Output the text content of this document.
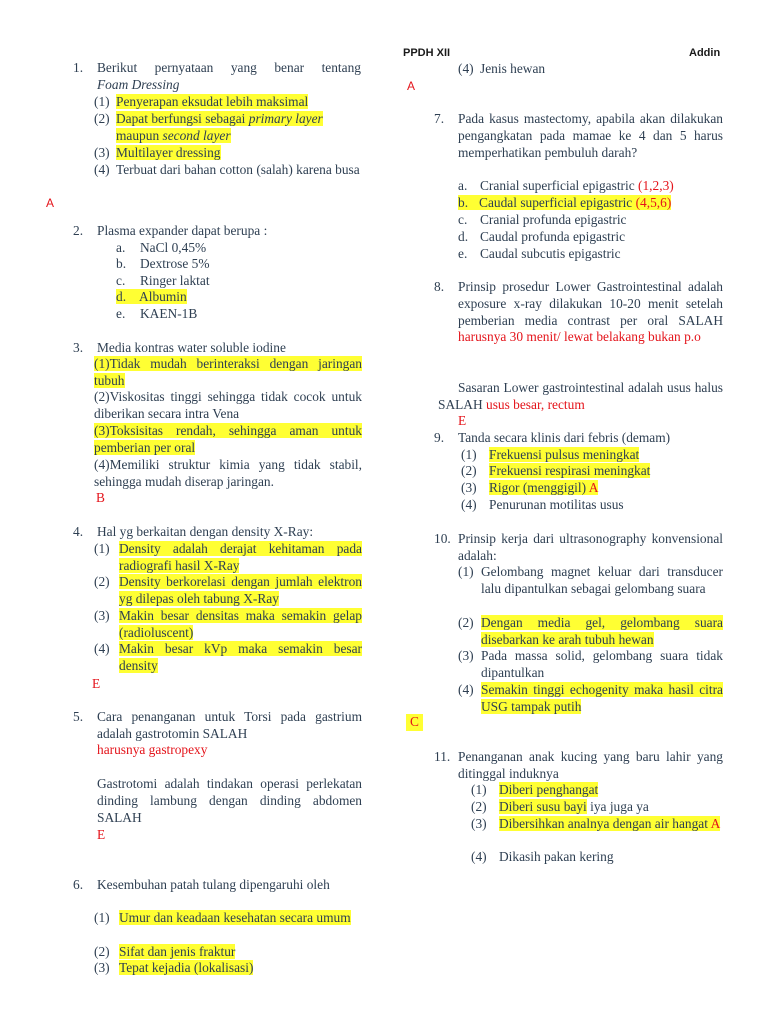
PPDH XII	Addin
1. Berikut pernyataan yang benar tentang
Foam Dressing
(1) Penyerapan eksudat lebih maksimal
(2) Dapat berfungsi sebagai primary layer
maupun second layer
(3) Multilayer dressing
(4) Terbuat dari bahan cotton (salah) karena busa
A
2. Plasma expander dapat berupa :
a. NaCl 0,45%
b. Dextrose 5%
c. Ringer laktat
d. Albumin
e. KAEN-1B
3. Media kontras water soluble iodine
(1)Tidak mudah berinteraksi dengan jaringan tubuh
(2)Viskositas tinggi sehingga tidak cocok untuk diberikan secara intra Vena
(3)Toksisitas rendah, sehingga aman untuk pemberian per oral
(4)Memiliki struktur kimia yang tidak stabil, sehingga mudah diserap jaringan.
B
4. Hal yg berkaitan dengan density X-Ray:
(1) Density adalah derajat kehitaman pada radiografi hasil X-Ray
(2) Density berkorelasi dengan jumlah elektron yg dilepas oleh tabung X-Ray
(3) Makin besar densitas maka semakin gelap (radioluscent)
(4) Makin besar kVp maka semakin besar density
E
5. Cara penanganan untuk Torsi pada gastrium adalah gastrotomin SALAH
harusnya gastropexy
Gastrotomi adalah tindakan operasi perlekatan dinding lambung dengan dinding abdomen SALAH
E
6. Kesembuhan patah tulang dipengaruhi oleh
(1) Umur dan keadaan kesehatan secara umum
(2) Sifat dan jenis fraktur
(3) Tepat kejadia (lokalisasi)
(4) Jenis hewan
A
7. Pada kasus mastectomy, apabila akan dilakukan pengangkatan pada mamae ke 4 dan 5 harus memperhatikan pembuluh darah?
a. Cranial superficial epigastric (1,2,3)
b. Caudal superficial epigastric (4,5,6)
c. Cranial profunda epigastric
d. Caudal profunda epigastric
e. Caudal subcutis epigastric
8. Prinsip prosedur Lower Gastrointestinal adalah exposure x-ray dilakukan 10-20 menit setelah pemberian media contrast per oral SALAH harusnya 30 menit/ lewat belakang bukan p.o
Sasaran Lower gastrointestinal adalah usus halus SALAH usus besar, rectum
E
9. Tanda secara klinis dari febris (demam)
(1) Frekuensi pulsus meningkat
(2) Frekuensi respirasi meningkat
(3) Rigor (menggigil) A
(4) Penurunan motilitas usus
10. Prinsip kerja dari ultrasonography konvensional adalah:
(1) Gelombang magnet keluar dari transducer lalu dipantulkan sebagai gelombang suara
(2) Dengan media gel, gelombang suara disebarkan ke arah tubuh hewan
(3) Pada massa solid, gelombang suara tidak dipantulkan
(4) Semakin tinggi echogenity maka hasil citra USG tampak putih
C
11. Penanganan anak kucing yang baru lahir yang ditinggal induknya
(1) Diberi penghangat
(2) Diberi susu bayi iya juga ya
(3) Dibersihkan analnya dengan air hangat A
(4) Dikasih pakan kering
